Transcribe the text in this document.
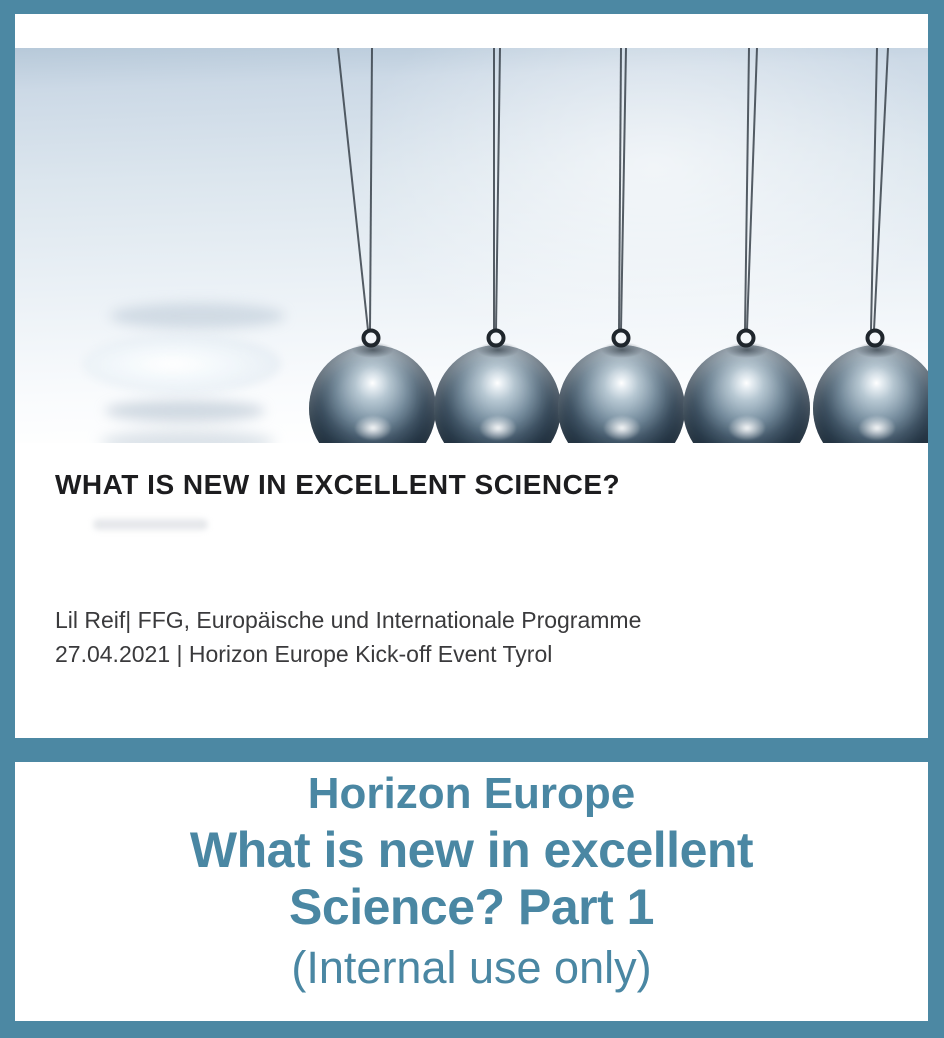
WHAT IS NEW IN EXCELLENT SCIENCE?
Lil Reif| FFG, Europäische und Internationale Programme
27.04.2021 | Horizon Europe Kick-off Event Tyrol
Horizon Europe
What is new in excellent
Science? Part 1
(Internal use only)
